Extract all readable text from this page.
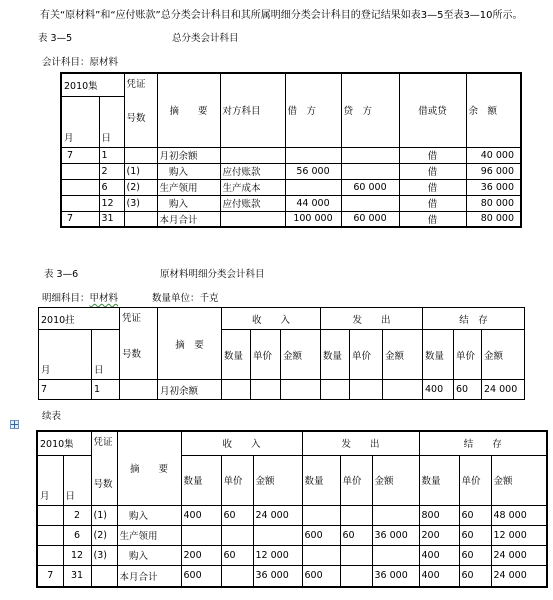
有关“原材料”和“应付账款”总分类会计科目和其所属明细分类会计科目的登记结果如表3—5至表3—10所示。
表 3—5	总分类会计科目
会计科目：原材料
2010集		凭证
号数	摘　　要	对方科目	借　方	贷　方	借或贷	余　额
月	日							
7	1		月初余额				借	40 000
	2	(1)	　购入	应付账款	56 000		借	96 000
	6	(2)	生产领用	生产成本		60 000	借	36 000
	12	(3)	　购入	应付账款	44 000		借	80 000
7	31		本月合计		100 000	60 000	借	80 000
表 3—6	原材料明细分类会计科目
明细科目：甲材料	数量单位：千克
2010拄		凭证
号数	摘　要	收　　入			发　　出			结　存		
月	日			数量	单价	金额	数量	单价	金额	数量	单价	金额
7	1		月初余额							400	60	24 000
续表
2010集		凭证
号数	摘　　要	收　　入			发　　出			结　　存		
月	日			数量	单价	金额	数量	单价	金额	数量	单价	金额
	2	(1)	　购入	400	60	24 000				800	60	48 000
	6	(2)	生产领用				600	60	36 000	200	60	12 000
	12	(3)	　购入	200	60	12 000				400	60	24 000
7	31		本月合计	600		36 000	600		36 000	400	60	24 000
